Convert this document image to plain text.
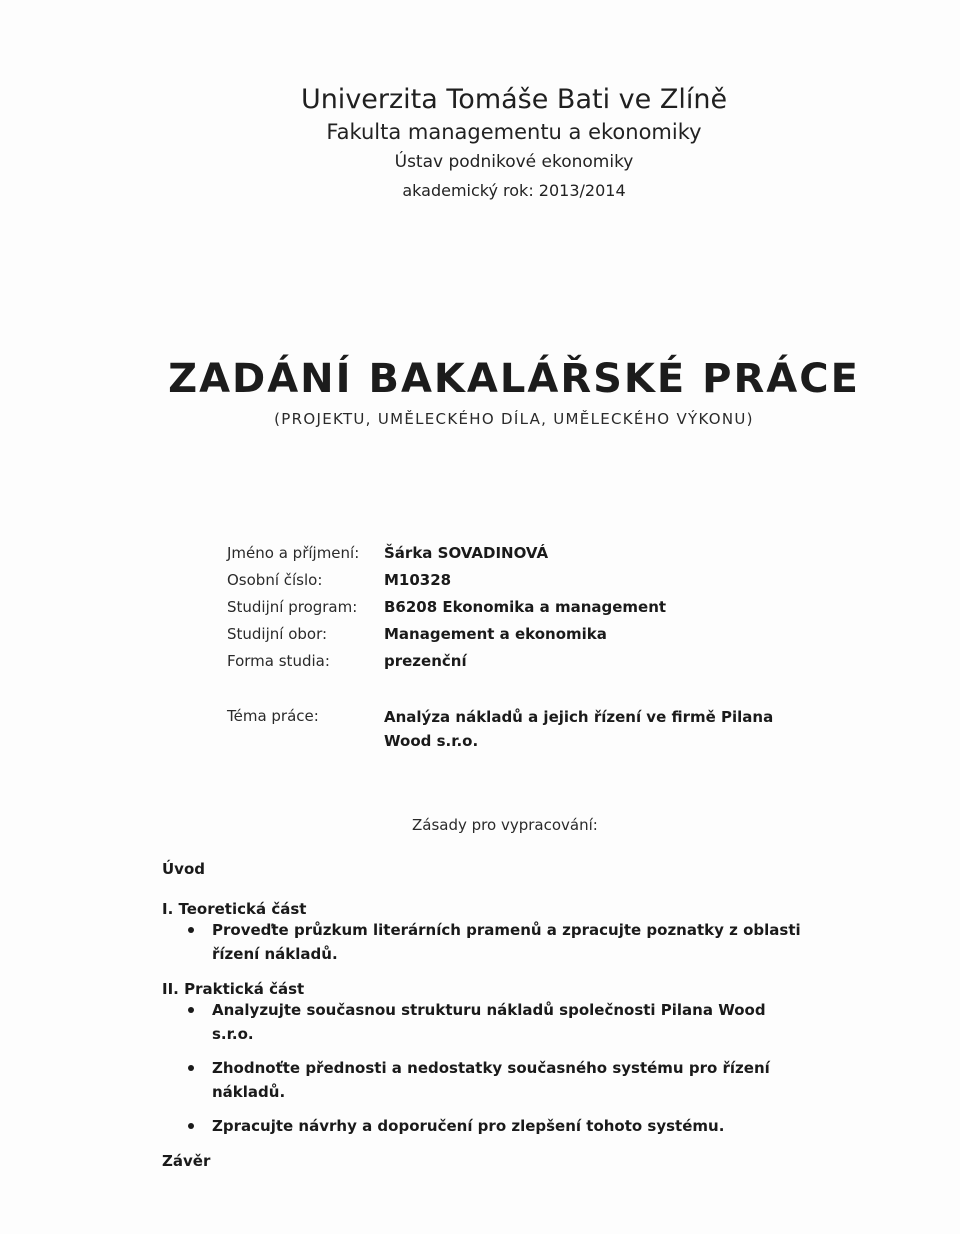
Univerzita Tomáše Bati ve Zlíně
Fakulta managementu a ekonomiky
Ústav podnikové ekonomiky
akademický rok: 2013/2014
ZADÁNÍ BAKALÁŘSKÉ PRÁCE
(PROJEKTU, UMĚLECKÉHO DÍLA, UMĚLECKÉHO VÝKONU)
Jméno a příjmení:	Šárka SOVADINOVÁ
Osobní číslo:	M10328
Studijní program:	B6208 Ekonomika a management
Studijní obor:	Management a ekonomika
Forma studia:	prezenční
Téma práce:	Analýza nákladů a jejich řízení ve firmě Pilana Wood s.r.o.
Zásady pro vypracování:
Úvod
I. Teoretická část
Proveďte průzkum literárních pramenů a zpracujte poznatky z oblasti řízení nákladů.
II. Praktická část
Analyzujte současnou strukturu nákladů společnosti Pilana Wood s.r.o.
Zhodnoťte přednosti a nedostatky současného systému pro řízení nákladů.
Zpracujte návrhy a doporučení pro zlepšení tohoto systému.
Závěr
